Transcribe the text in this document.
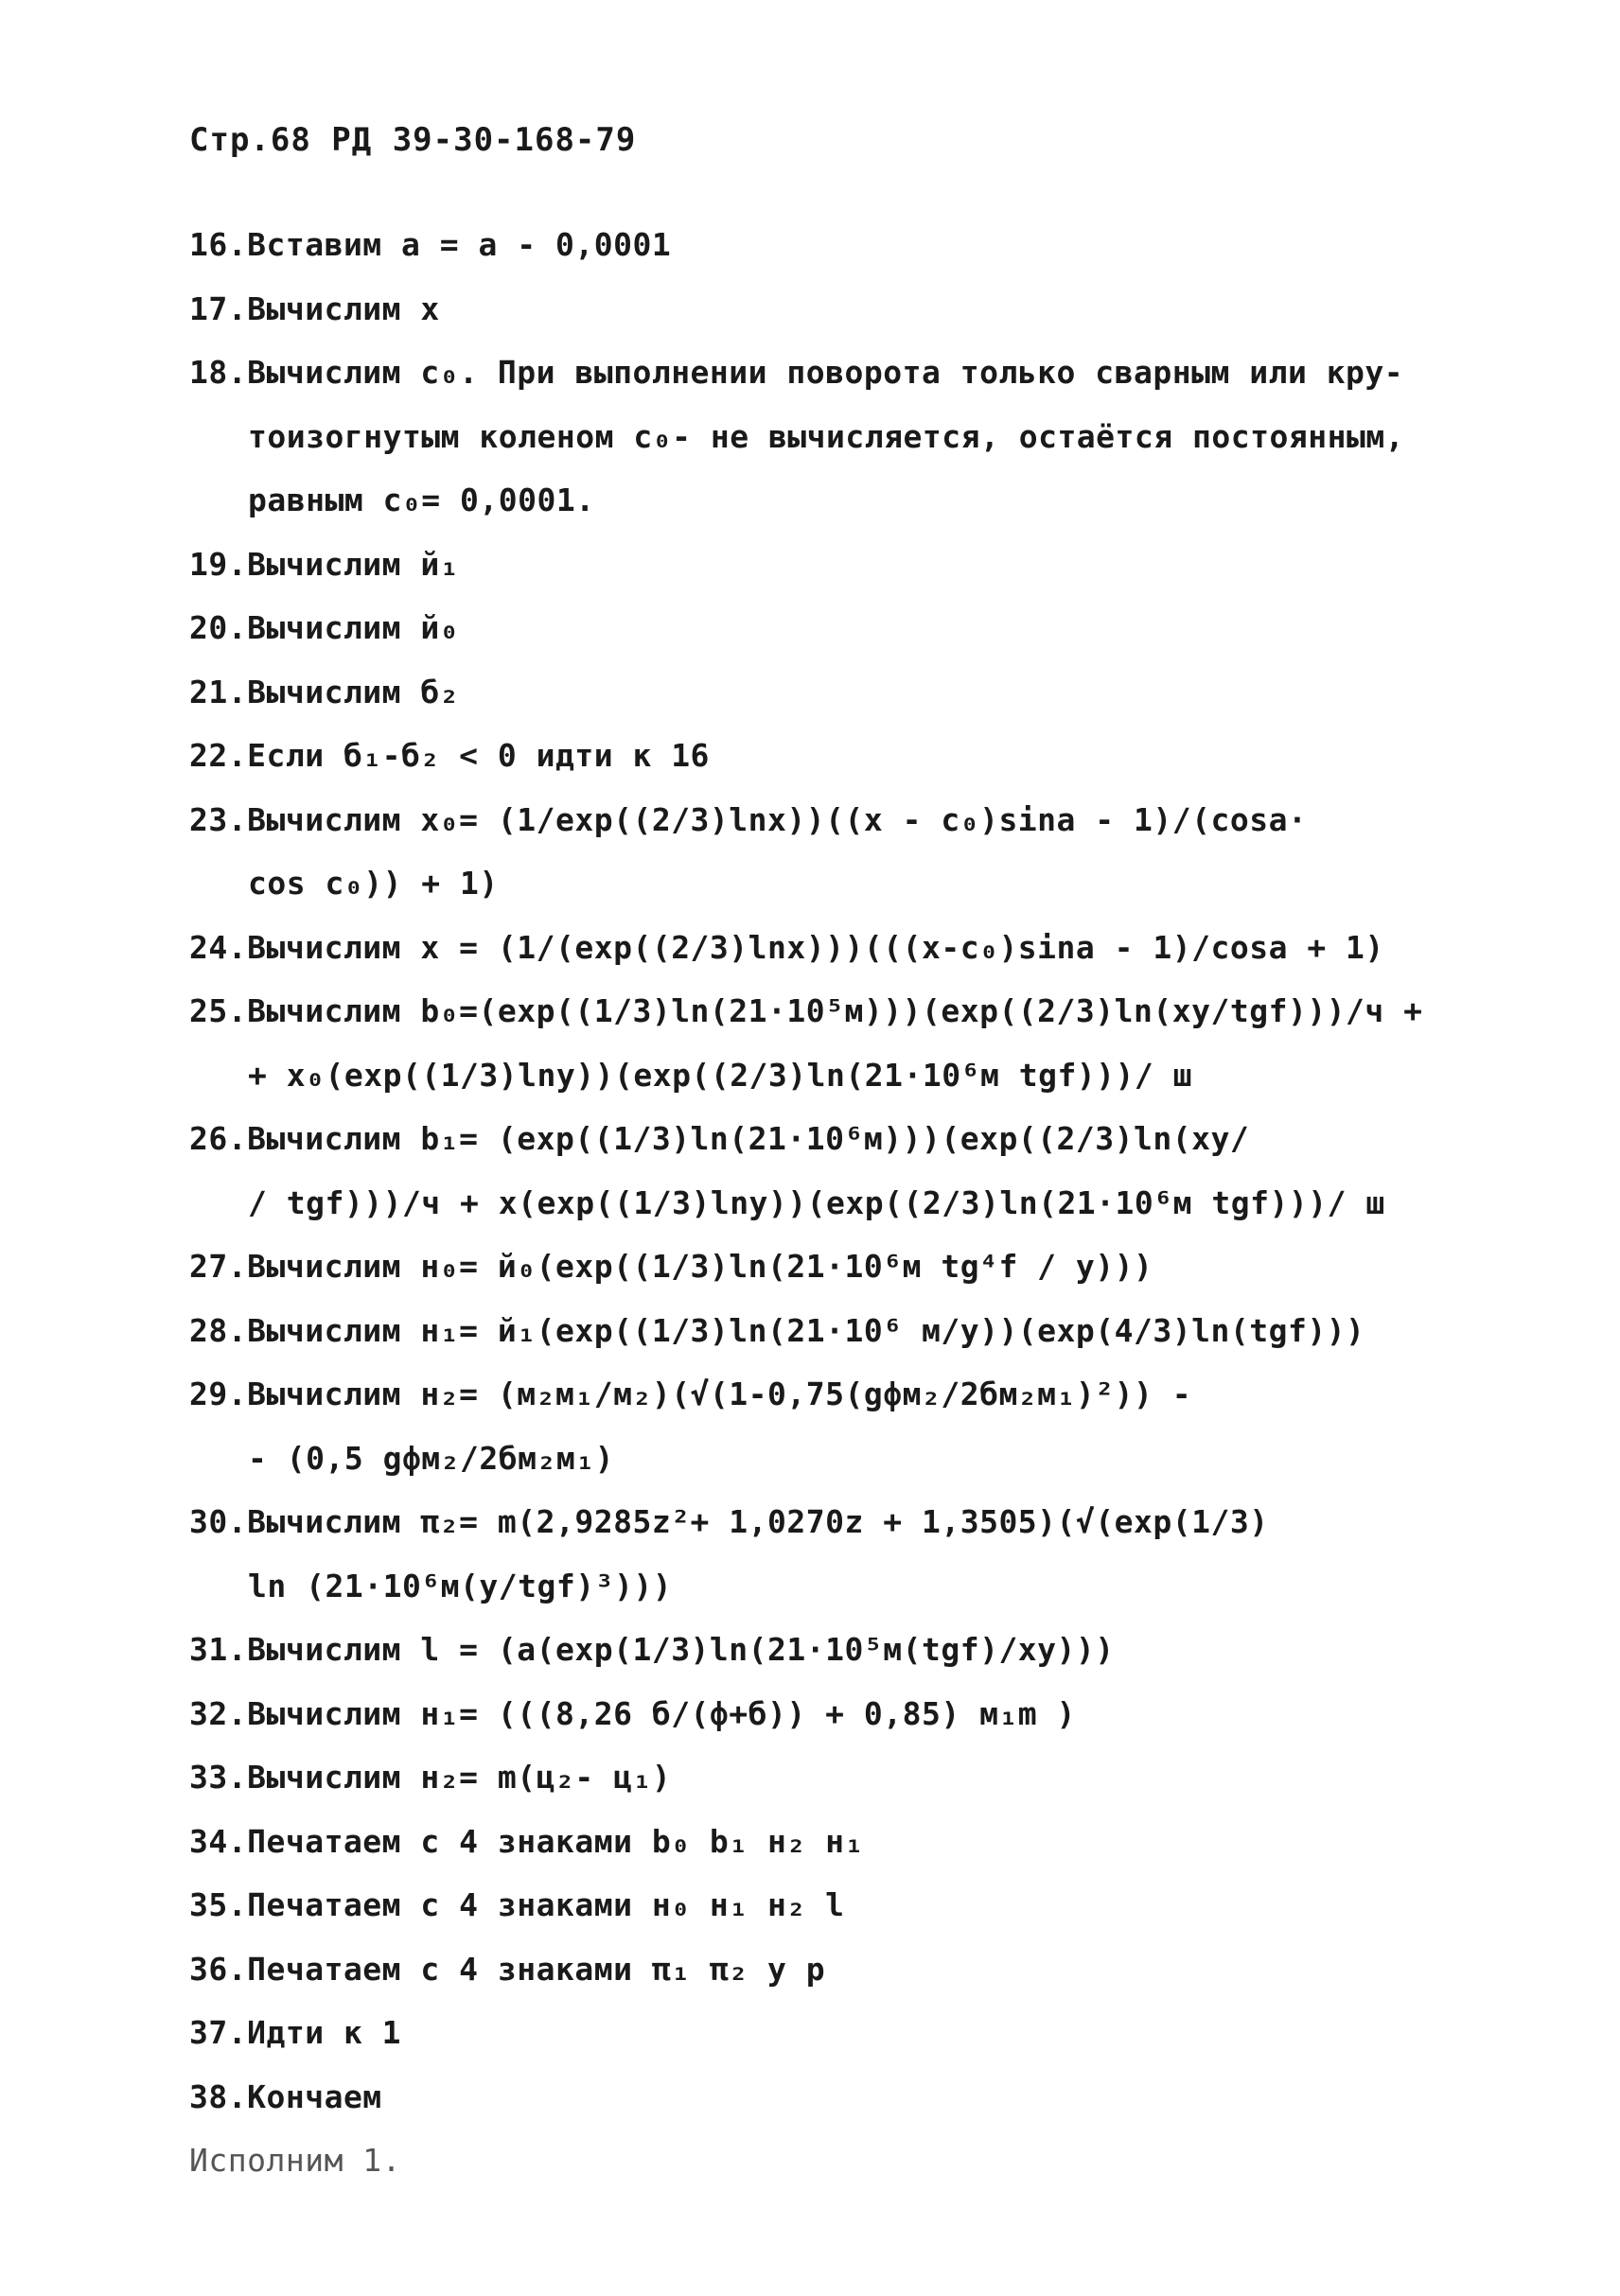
Стр.68 РД 39-30-168-79
16.Вставим a = a - 0,0001
17.Вычислим x
18.Вычислим c₀. При выполнении поворота только сварным или кру-
тоизогнутым коленом c₀- не вычисляется, остаётся постоянным,
равным c₀= 0,0001.
19.Вычислим й₁
20.Вычислим й₀
21.Вычислим б₂
22.Если б₁-б₂ < 0 идти к 16
23.Вычислим x₀= (1/exp((2/3)lnx))((x - c₀)sina - 1)/(cosa·
cos c₀)) + 1)
24.Вычислим x = (1/(exp((2/3)lnx)))(((x-c₀)sina - 1)/cosa + 1)
25.Вычислим b₀=(exp((1/3)ln(21·10⁵м)))(exp((2/3)ln(xy/tgf)))/ч +
+ x₀(exp((1/3)lny))(exp((2/3)ln(21·10⁶м tgf)))/ ш
26.Вычислим b₁= (exp((1/3)ln(21·10⁶м)))(exp((2/3)ln(xy/
/ tgf)))/ч + x(exp((1/3)lny))(exp((2/3)ln(21·10⁶м tgf)))/ ш
27.Вычислим н₀= й₀(exp((1/3)ln(21·10⁶м tg⁴f / y)))
28.Вычислим н₁= й₁(exp((1/3)ln(21·10⁶ м/y))(exp(4/3)ln(tgf)))
29.Вычислим н₂= (м₂м₁/м₂)(√(1-0,75(gфм₂/2бм₂м₁)²)) -
- (0,5 gфм₂/2бм₂м₁)
30.Вычислим π₂= m(2,9285z²+ 1,0270z + 1,3505)(√(exp(1/3)
ln (21·10⁶м(y/tgf)³)))
31.Вычислим l = (a(exp(1/3)ln(21·10⁵м(tgf)/xy)))
32.Вычислим н₁= (((8,26 б/(ф+б)) + 0,85) м₁m )
33.Вычислим н₂= m(ц₂- ц₁)
34.Печатаем с 4 знаками b₀ b₁ н₂ н₁
35.Печатаем с 4 знаками н₀ н₁ н₂ l
36.Печатаем с 4 знаками π₁ π₂ y p
37.Идти к 1
38.Кончаем
Исполним 1.
